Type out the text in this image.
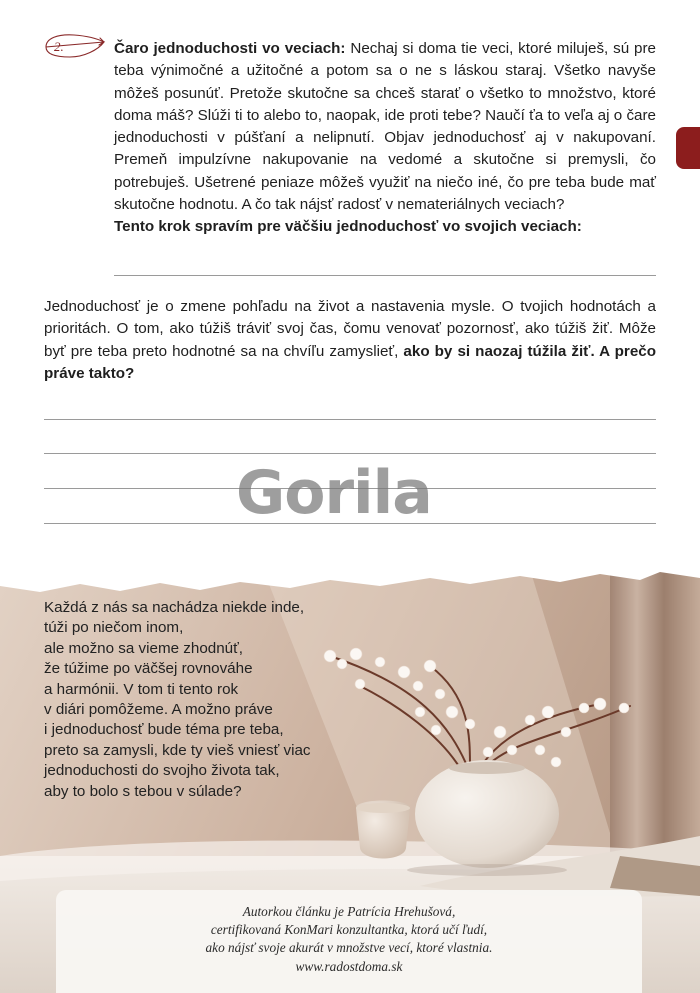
2.	Čaro jednoduchosti vo veciach: Nechaj si doma tie veci, ktoré miluješ, sú pre teba výnimočné a užitočné a potom sa o ne s láskou staraj. Všetko navyše môžeš posunúť. Pretože skutočne sa chceš starať o všetko to množstvo, ktoré doma máš? Slúži ti to alebo to, naopak, ide proti tebe? Naučí ťa to veľa aj o čare jednoduchosti v púšťaní a nelipnutí. Objav jednoduchosť aj v nakupovaní. Premeň impulzívne nakupovanie na vedomé a skutočne si premysli, čo potrebuješ. Ušetrené peniaze môžeš využiť na niečo iné, čo pre teba bude mať skutočne hodnotu. A čo tak nájsť radosť v nemateriálnych veciach?

Tento krok spravím pre väčšiu jednoduchosť vo svojich veciach:

Jednoduchosť je o zmene pohľadu na život a nastavenia mysle. O tvojich hodnotách a prioritách. O tom, ako túžiš tráviť svoj čas, čomu venovať pozornosť, ako túžiš žiť. Môže byť pre teba preto hodnotné sa na chvíľu zamyslieť, ako by si naozaj túžila žiť. A prečo práve takto?

Každá z nás sa nachádza niekde inde,
túži po niečom inom,
ale možno sa vieme zhodnúť,
že túžime po väčšej rovnováhe
a harmónii. V tom ti tento rok
v diári pomôžeme. A možno práve
i jednoduchosť bude téma pre teba,
preto sa zamysli, kde ty vieš vniesť viac
jednoduchosti do svojho života tak,
aby to bolo s tebou v súlade?
Autorkou článku je Patrícia Hrehušová,
certifikovaná KonMari konzultantka, ktorá učí ľudí,
ako nájsť svoje akurát v množstve vecí, ktoré vlastnia.
www.radostdoma.sk
Gorila
